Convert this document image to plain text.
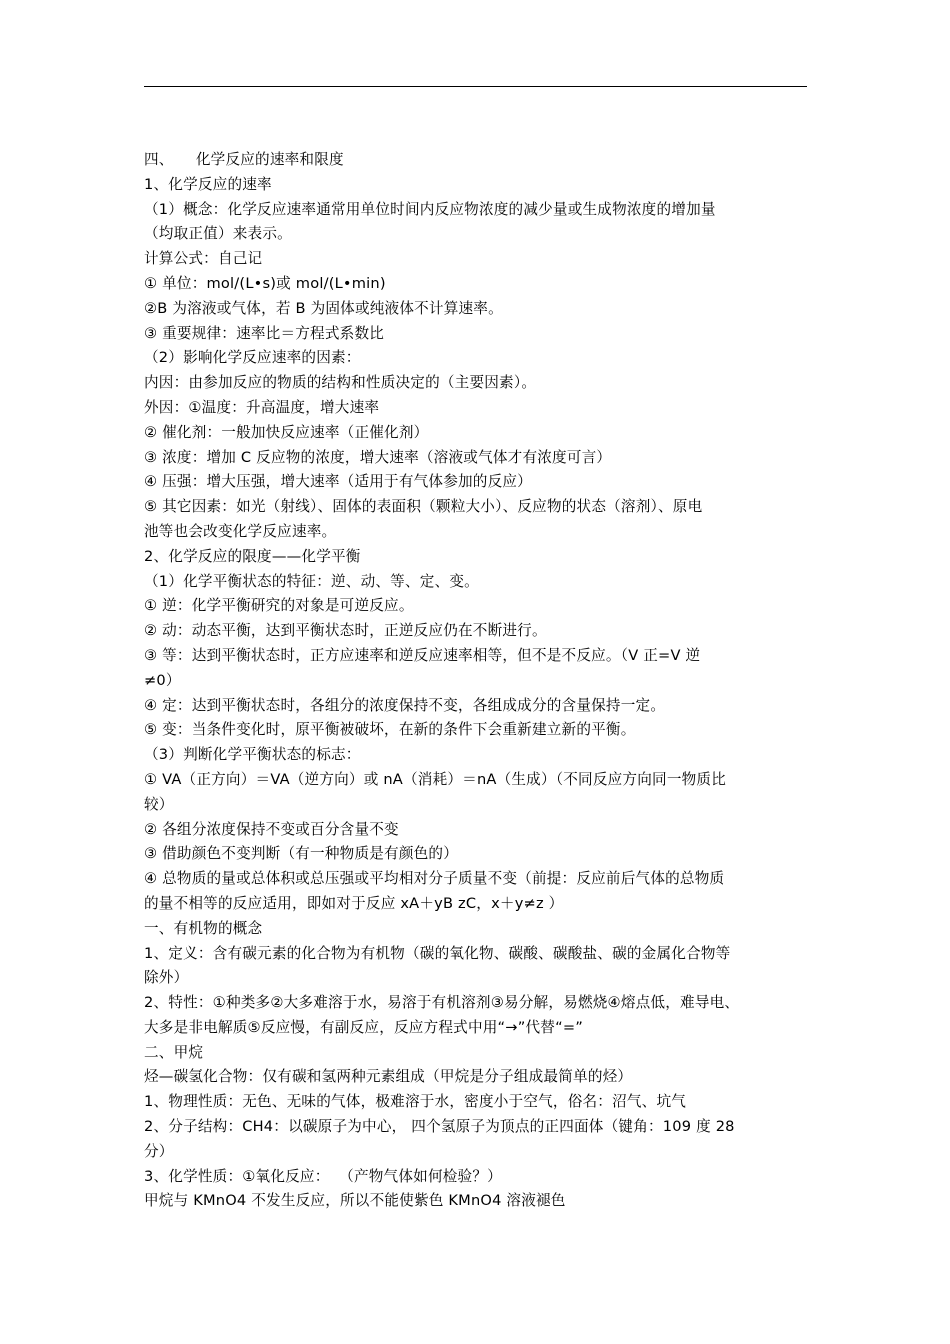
四、　　化学反应的速率和限度
1、化学反应的速率
（1）概念：化学反应速率通常用单位时间内反应物浓度的减少量或生成物浓度的增加量
（均取正值）来表示。
计算公式：自己记
① 单位：mol/(L•s)或 mol/(L•min)
②B 为溶液或气体，若 B 为固体或纯液体不计算速率。
③ 重要规律：速率比＝方程式系数比
（2）影响化学反应速率的因素：
内因：由参加反应的物质的结构和性质决定的（主要因素）。
外因：①温度：升高温度，增大速率
② 催化剂：一般加快反应速率（正催化剂）
③ 浓度：增加 C 反应物的浓度，增大速率（溶液或气体才有浓度可言）
④ 压强：增大压强，增大速率（适用于有气体参加的反应）
⑤ 其它因素：如光（射线）、固体的表面积（颗粒大小）、反应物的状态（溶剂）、原电
池等也会改变化学反应速率。
2、化学反应的限度——化学平衡
（1）化学平衡状态的特征：逆、动、等、定、变。
① 逆：化学平衡研究的对象是可逆反应。
② 动：动态平衡，达到平衡状态时，正逆反应仍在不断进行。
③ 等：达到平衡状态时，正方应速率和逆反应速率相等，但不是不反应。（V 正=V 逆
≠0）
④ 定：达到平衡状态时，各组分的浓度保持不变，各组成成分的含量保持一定。
⑤ 变：当条件变化时，原平衡被破坏，在新的条件下会重新建立新的平衡。
（3）判断化学平衡状态的标志：
① VA（正方向）＝VA（逆方向）或 nA（消耗）＝nA（生成）（不同反应方向同一物质比
较）
② 各组分浓度保持不变或百分含量不变
③ 借助颜色不变判断（有一种物质是有颜色的）
④ 总物质的量或总体积或总压强或平均相对分子质量不变（前提：反应前后气体的总物质
的量不相等的反应适用，即如对于反应 xA＋yB zC，x＋y≠z ）
一、有机物的概念
1、定义：含有碳元素的化合物为有机物（碳的氧化物、碳酸、碳酸盐、碳的金属化合物等
除外）
2、特性：①种类多②大多难溶于水，易溶于有机溶剂③易分解，易燃烧④熔点低，难导电、
大多是非电解质⑤反应慢，有副反应，反应方程式中用“→”代替“=”
二、甲烷
烃—碳氢化合物：仅有碳和氢两种元素组成（甲烷是分子组成最简单的烃）
1、物理性质：无色、无味的气体，极难溶于水，密度小于空气，俗名：沼气、坑气
2、分子结构：CH4：以碳原子为中心， 四个氢原子为顶点的正四面体（键角：109 度 28
分）
3、化学性质：①氧化反应：  （产物气体如何检验？）
甲烷与 KMnO4 不发生反应，所以不能使紫色 KMnO4 溶液褪色
